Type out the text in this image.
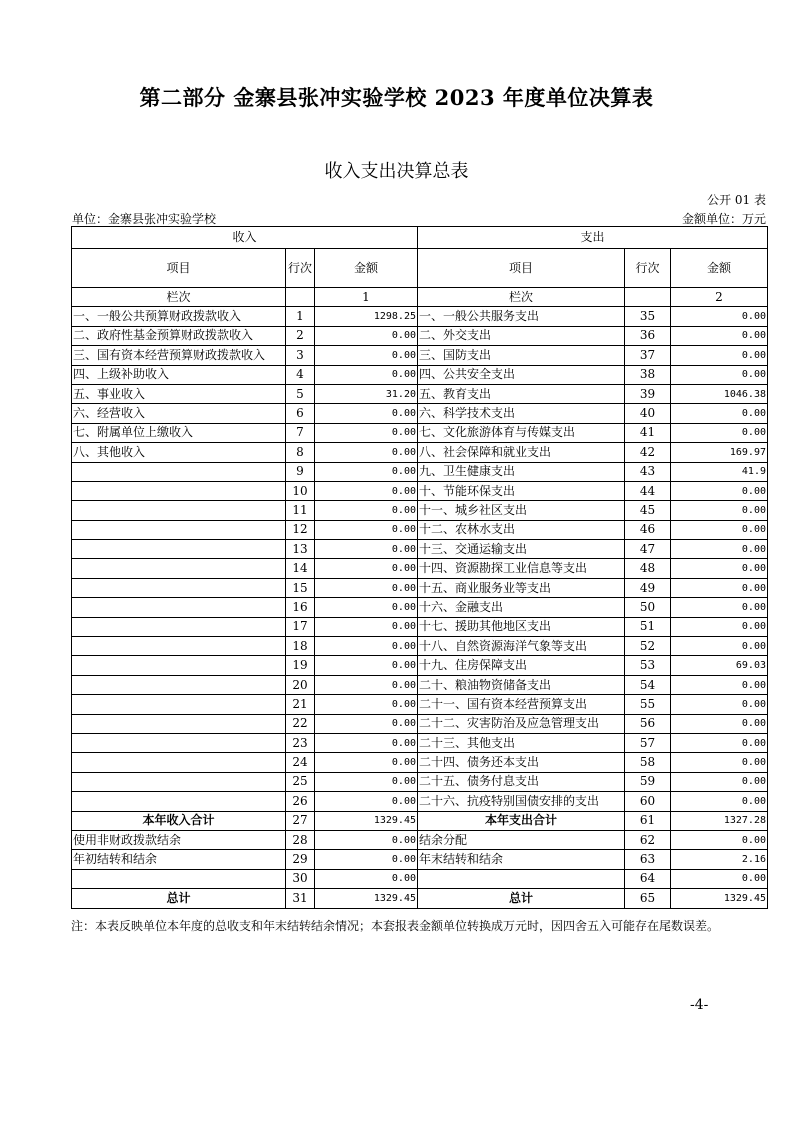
第二部分 金寨县张冲实验学校 2023 年度单位决算表
收入支出决算总表
公开 01 表
单位：金寨县张冲实验学校	金额单位：万元
收入			支出		
项目	行次	金额	项目	行次	金额
栏次		1	栏次		2
一、一般公共预算财政拨款收入	1	1298.25	一、一般公共服务支出	35	0.00
二、政府性基金预算财政拨款收入	2	0.00	二、外交支出	36	0.00
三、国有资本经营预算财政拨款收入	3	0.00	三、国防支出	37	0.00
四、上级补助收入	4	0.00	四、公共安全支出	38	0.00
五、事业收入	5	31.20	五、教育支出	39	1046.38
六、经营收入	6	0.00	六、科学技术支出	40	0.00
七、附属单位上缴收入	7	0.00	七、文化旅游体育与传媒支出	41	0.00
八、其他收入	8	0.00	八、社会保障和就业支出	42	169.97
	9	0.00	九、卫生健康支出	43	41.9
	10	0.00	十、节能环保支出	44	0.00
	11	0.00	十一、城乡社区支出	45	0.00
	12	0.00	十二、农林水支出	46	0.00
	13	0.00	十三、交通运输支出	47	0.00
	14	0.00	十四、资源勘探工业信息等支出	48	0.00
	15	0.00	十五、商业服务业等支出	49	0.00
	16	0.00	十六、金融支出	50	0.00
	17	0.00	十七、援助其他地区支出	51	0.00
	18	0.00	十八、自然资源海洋气象等支出	52	0.00
	19	0.00	十九、住房保障支出	53	69.03
	20	0.00	二十、粮油物资储备支出	54	0.00
	21	0.00	二十一、国有资本经营预算支出	55	0.00
	22	0.00	二十二、灾害防治及应急管理支出	56	0.00
	23	0.00	二十三、其他支出	57	0.00
	24	0.00	二十四、债务还本支出	58	0.00
	25	0.00	二十五、债务付息支出	59	0.00
	26	0.00	二十六、抗疫特别国债安排的支出	60	0.00
本年收入合计	27	1329.45	本年支出合计	61	1327.28
使用非财政拨款结余	28	0.00	结余分配	62	0.00
年初结转和结余	29	0.00	年末结转和结余	63	2.16
	30	0.00		64	0.00
总计	31	1329.45	总计	65	1329.45
注：本表反映单位本年度的总收支和年末结转结余情况；本套报表金额单位转换成万元时，因四舍五入可能存在尾数误差。
-4-
